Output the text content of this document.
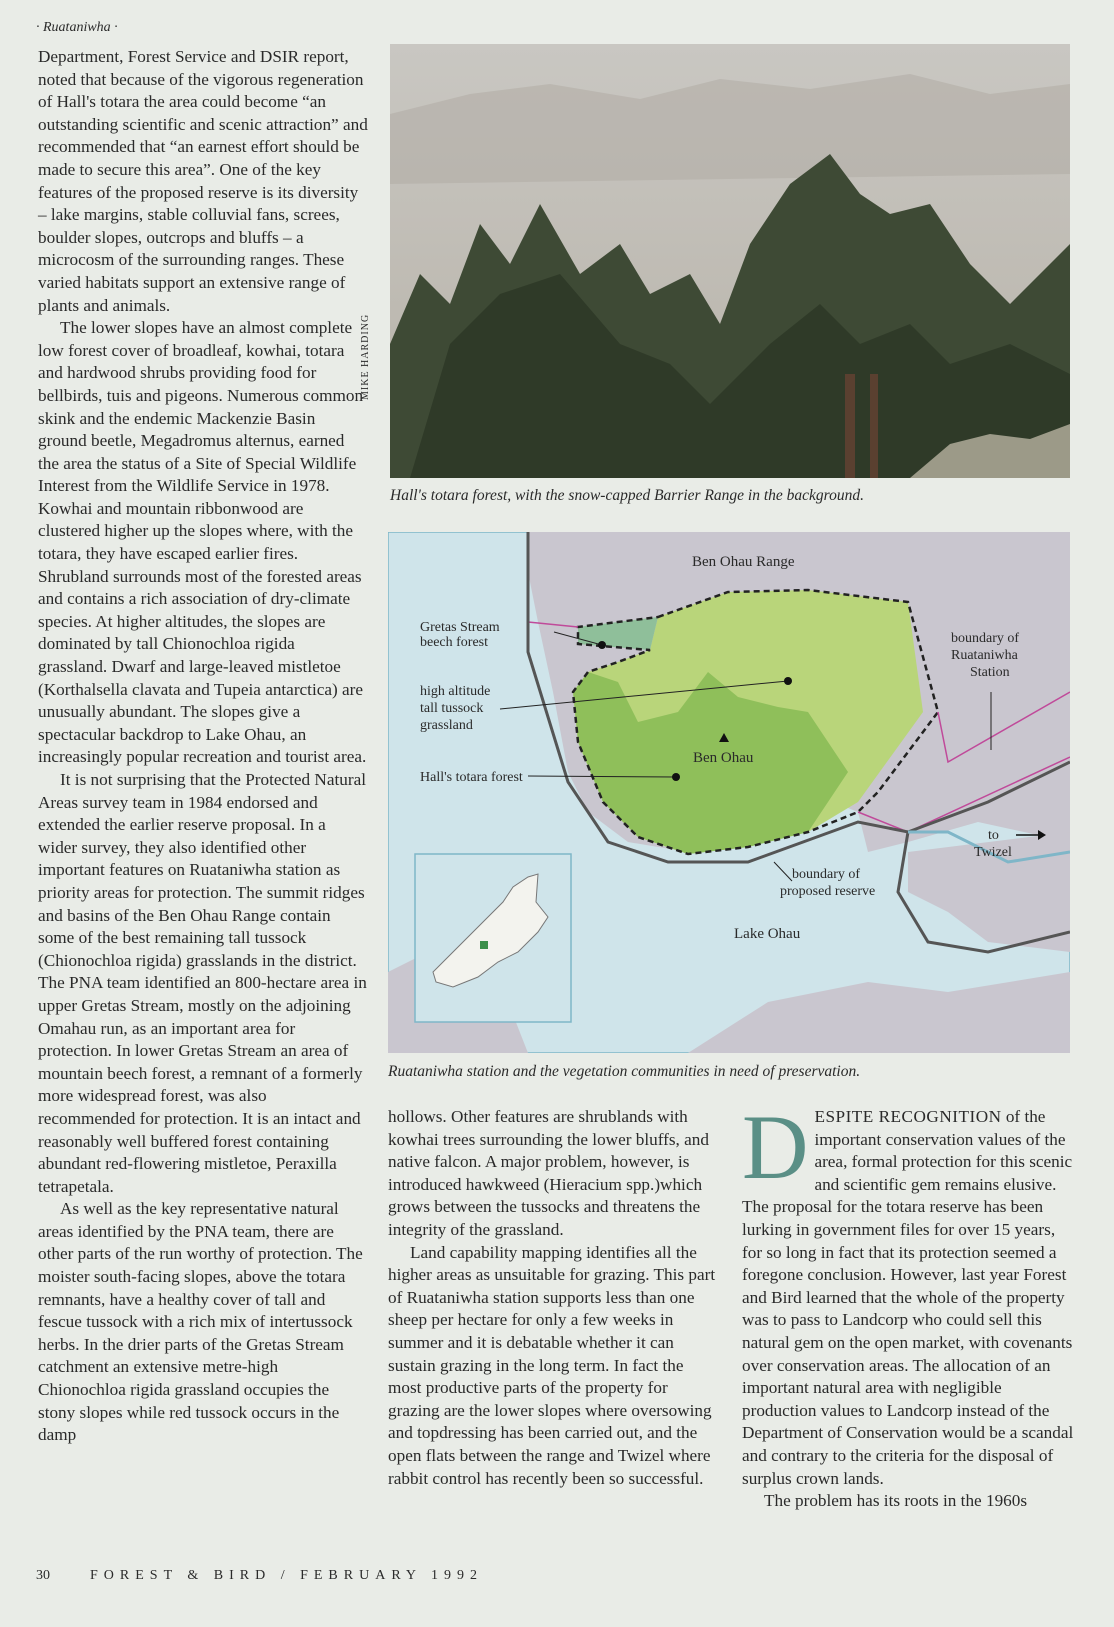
· Ruataniwha ·

Department, Forest Service and DSIR report, noted that because of the vigorous regeneration of Hall's totara the area could become “an outstanding scientific and scenic attraction” and recommended that “an earnest effort should be made to secure this area”. One of the key features of the proposed reserve is its diversity – lake margins, stable colluvial fans, screes, boulder slopes, outcrops and bluffs – a microcosm of the surrounding ranges. These varied habitats support an extensive range of plants and animals.

The lower slopes have an almost complete low forest cover of broadleaf, kowhai, totara and hardwood shrubs providing food for bellbirds, tuis and pigeons. Numerous common skink and the endemic Mackenzie Basin ground beetle, Megadromus alternus, earned the area the status of a Site of Special Wildlife Interest from the Wildlife Service in 1978. Kowhai and mountain ribbonwood are clustered higher up the slopes where, with the totara, they have escaped earlier fires. Shrubland surrounds most of the forested areas and contains a rich association of dry-climate species. At higher altitudes, the slopes are dominated by tall Chionochloa rigida grassland. Dwarf and large-leaved mistletoe (Korthalsella clavata and Tupeia antarctica) are unusually abundant. The slopes give a spectacular backdrop to Lake Ohau, an increasingly popular recreation and tourist area.

It is not surprising that the Protected Natural Areas survey team in 1984 endorsed and extended the earlier reserve proposal. In a wider survey, they also identified other important features on Ruataniwha station as priority areas for protection. The summit ridges and basins of the Ben Ohau Range contain some of the best remaining tall tussock (Chionochloa rigida) grasslands in the district. The PNA team identified an 800-hectare area in upper Gretas Stream, mostly on the adjoining Omahau run, as an important area for protection. In lower Gretas Stream an area of mountain beech forest, a remnant of a formerly more widespread forest, was also recommended for protection. It is an intact and reasonably well buffered forest containing abundant red-flowering mistletoe, Peraxilla tetrapetala.

As well as the key representative natural areas identified by the PNA team, there are other parts of the run worthy of protection. The moister south-facing slopes, above the totara remnants, have a healthy cover of tall and fescue tussock with a rich mix of intertussock herbs. In the drier parts of the Gretas Stream catchment an extensive metre-high Chionochloa rigida grassland occupies the stony slopes while red tussock occurs in the damp

MIKE HARDING
Hall's totara forest, with the snow-capped Barrier Range in the background.
Ben Ohau Range
Gretas Stream
beech forest
high altitude
tall tussock
grassland
Hall's totara forest
Ben Ohau
boundary of
Ruataniwha
Station
to
Twizel
boundary of
proposed reserve
Lake Ohau
Ruataniwha station and the vegetation communities in need of preservation.

hollows. Other features are shrublands with kowhai trees surrounding the lower bluffs, and native falcon. A major problem, however, is introduced hawkweed (Hieracium spp.)which grows between the tussocks and threatens the integrity of the grassland.

Land capability mapping identifies all the higher areas as unsuitable for grazing. This part of Ruataniwha station supports less than one sheep per hectare for only a few weeks in summer and it is debatable whether it can sustain grazing in the long term. In fact the most productive parts of the property for grazing are the lower slopes where oversowing and topdressing has been carried out, and the open flats between the range and Twizel where rabbit control has recently been so successful.

DESPITE RECOGNITION of the important conservation values of the area, formal protection for this scenic and scientific gem remains elusive. The proposal for the totara reserve has been lurking in government files for over 15 years, for so long in fact that its protection seemed a foregone conclusion. However, last year Forest and Bird learned that the whole of the property was to pass to Landcorp who could sell this natural gem on the open market, with covenants over conservation areas. The allocation of an important natural area with negligible production values to Landcorp instead of the Department of Conservation would be a scandal and contrary to the criteria for the disposal of surplus crown lands.

The problem has its roots in the 1960s

30	FOREST & BIRD / FEBRUARY 1992
